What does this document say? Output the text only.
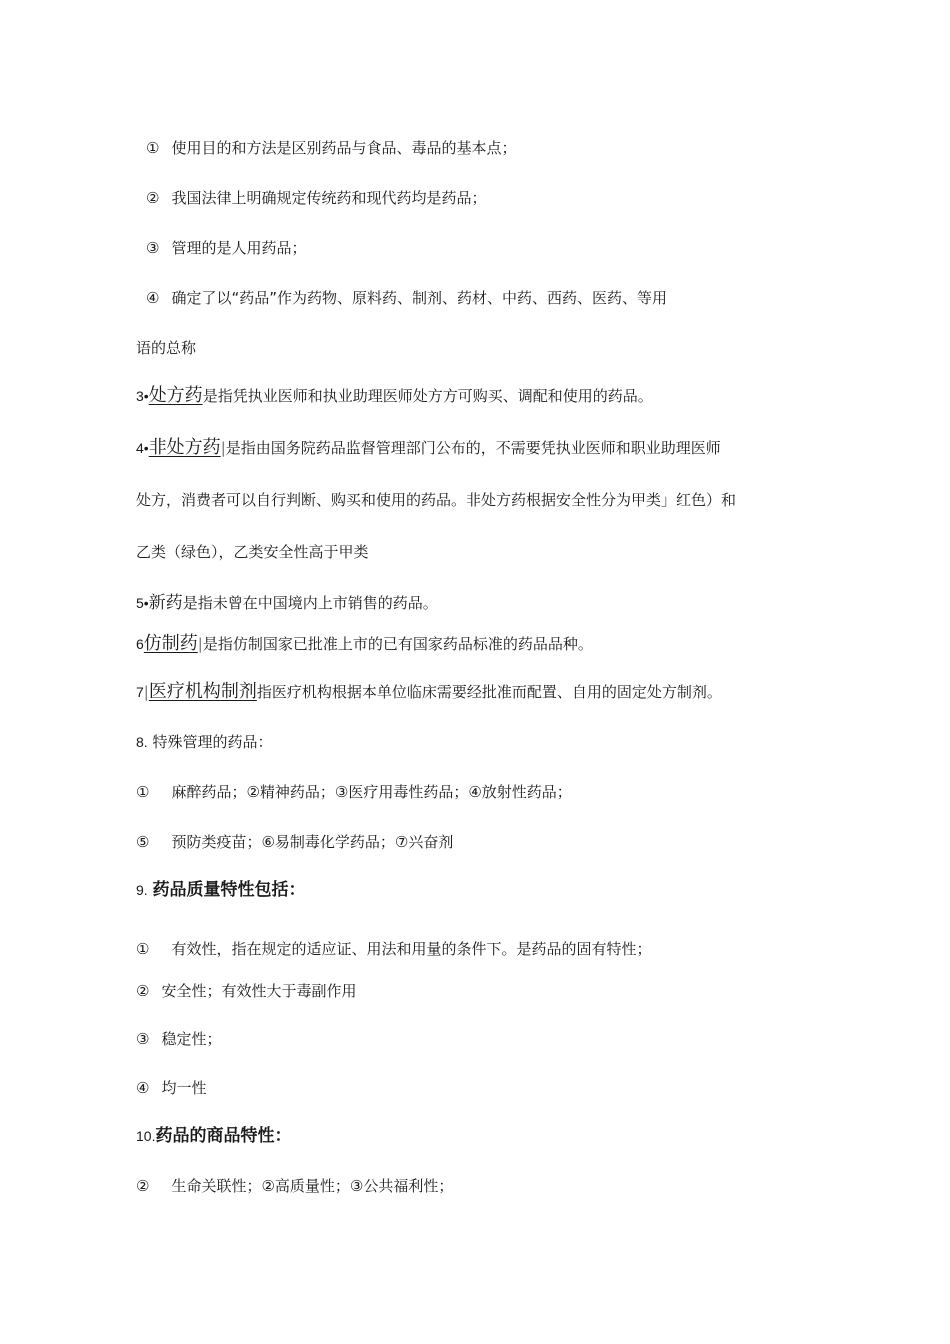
① 使用目的和方法是区别药品与食品、毒品的基本点；
② 我国法律上明确规定传统药和现代药均是药品；
③ 管理的是人用药品；
④ 确定了以“药品”作为药物、原料药、制剂、药材、中药、西药、医药、等用
语的总称
3•处方药是指凭执业医师和执业助理医师处方方可购买、调配和使用的药品。
4•非处方药|是指由国务院药品监督管理部门公布的，不需要凭执业医师和职业助理医师
处方，消费者可以自行判断、购买和使用的药品。非处方药根据安全性分为甲类」红色）和
乙类（绿色），乙类安全性高于甲类
5•新药是指未曾在中国境内上市销售的药品。
6仿制药|是指仿制国家已批准上市的已有国家药品标准的药品品种。
7|医疗机构制剂指医疗机构根据本单位临床需要经批准而配置、自用的固定处方制剂。
8. 特殊管理的药品：
① 麻醉药品；②精神药品；③医疗用毒性药品；④放射性药品；
⑤ 预防类疫苗；⑥易制毒化学药品；⑦兴奋剂
9. 药品质量特性包括：
① 有效性，指在规定的适应证、用法和用量的条件下。是药品的固有特性；
② 安全性；有效性大于毒副作用
③ 稳定性；
④ 均一性
10.药品的商品特性：
② 生命关联性；②高质量性；③公共福利性；
